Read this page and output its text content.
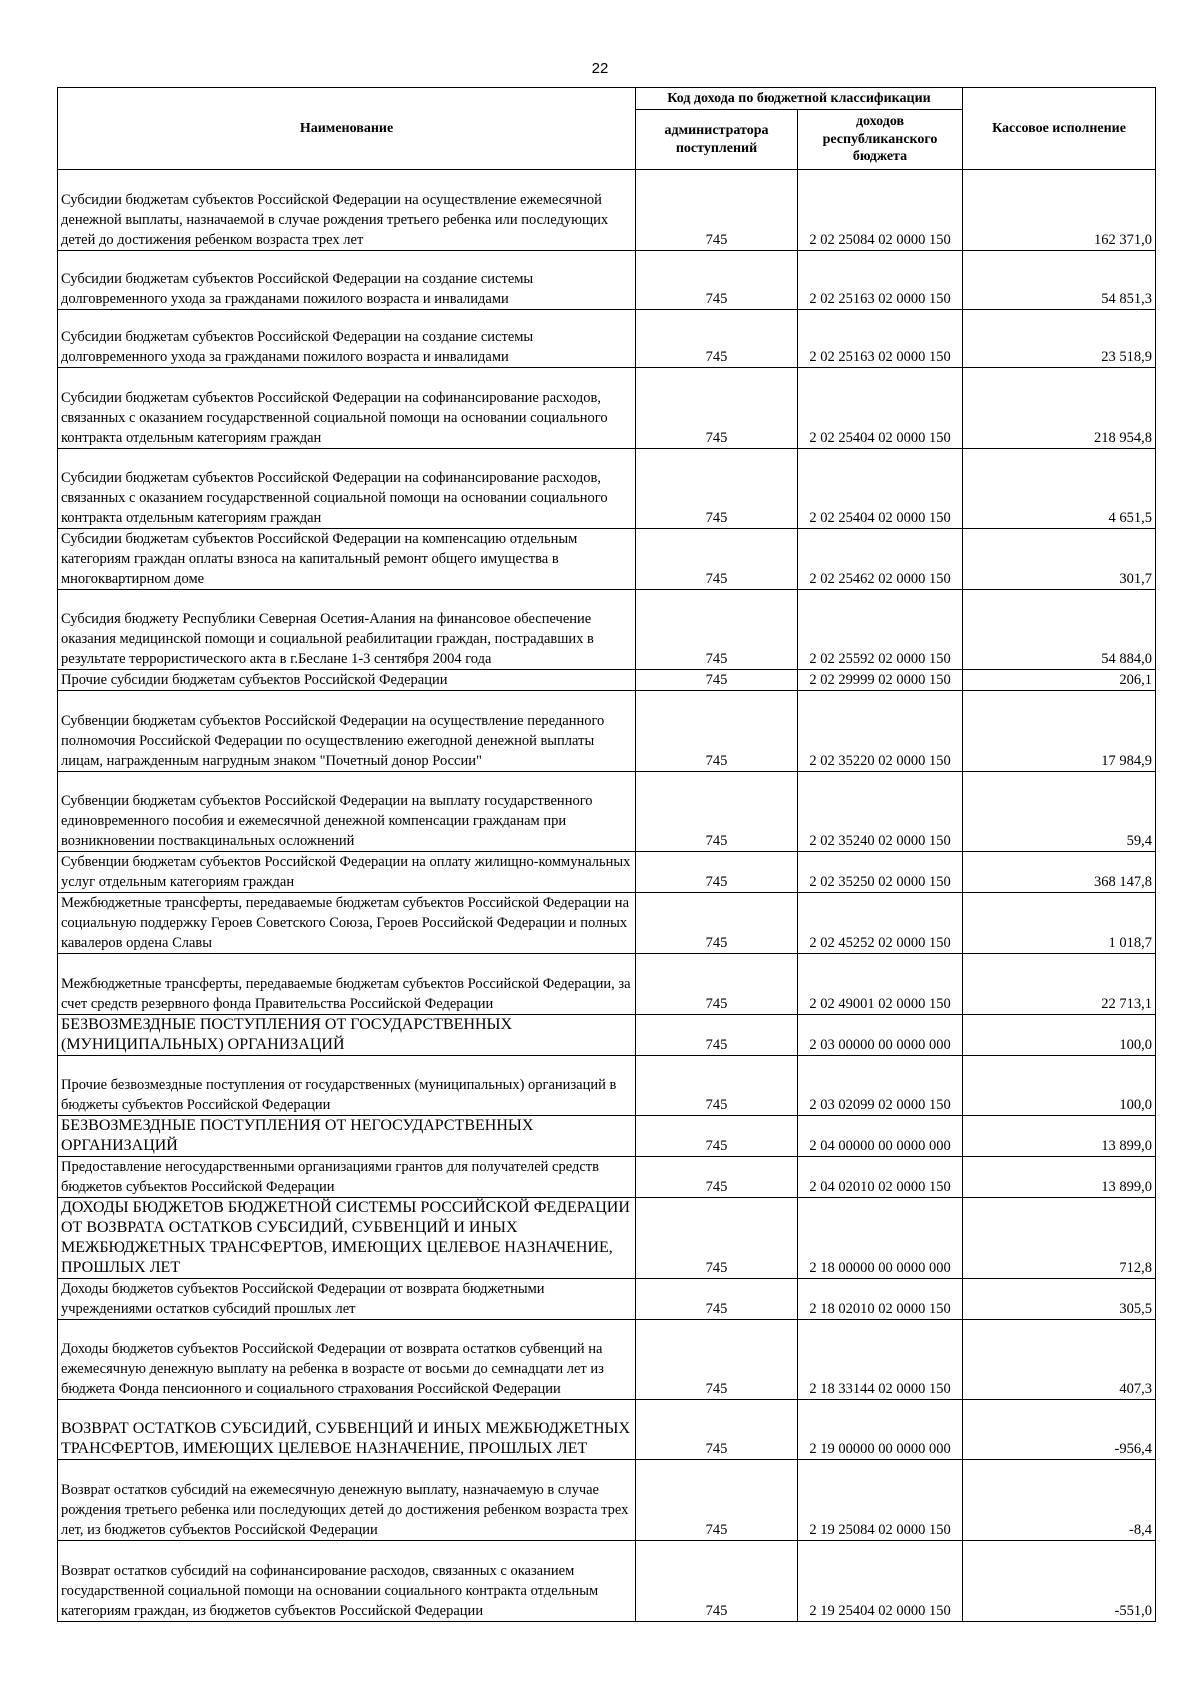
22
Наименование	Код дохода по бюджетной классификации		Кассовое исполнение
	администратора поступлений	доходов республиканского бюджета	
Субсидии бюджетам субъектов Российской Федерации на осуществление ежемесячной денежной выплаты, назначаемой в случае рождения третьего ребенка или последующих детей до достижения ребенком возраста трех лет	745	2 02 25084 02 0000 150	162 371,0
Субсидии бюджетам субъектов Российской Федерации на создание системы долговременного ухода за гражданами пожилого возраста и инвалидами	745	2 02 25163 02 0000 150	54 851,3
Субсидии бюджетам субъектов Российской Федерации на создание системы долговременного ухода за гражданами пожилого возраста и инвалидами	745	2 02 25163 02 0000 150	23 518,9
Субсидии бюджетам субъектов Российской Федерации на софинансирование расходов, связанных с оказанием государственной социальной помощи на основании социального контракта отдельным категориям граждан	745	2 02 25404 02 0000 150	218 954,8
Субсидии бюджетам субъектов Российской Федерации на софинансирование расходов, связанных с оказанием государственной социальной помощи на основании социального контракта отдельным категориям граждан	745	2 02 25404 02 0000 150	4 651,5
Субсидии бюджетам субъектов Российской Федерации на компенсацию отдельным категориям граждан оплаты взноса на капитальный ремонт общего имущества в многоквартирном доме	745	2 02 25462 02 0000 150	301,7
Субсидия бюджету Республики Северная Осетия-Алания на финансовое обеспечение оказания медицинской помощи и социальной реабилитации граждан, пострадавших в результате террористического акта в г.Беслане 1-3 сентября 2004 года	745	2 02 25592 02 0000 150	54 884,0
Прочие субсидии бюджетам субъектов Российской Федерации	745	2 02 29999 02 0000 150	206,1
Субвенции бюджетам субъектов Российской Федерации на осуществление переданного полномочия Российской Федерации по осуществлению ежегодной денежной выплаты лицам, награжденным нагрудным знаком "Почетный донор России"	745	2 02 35220 02 0000 150	17 984,9
Субвенции бюджетам субъектов Российской Федерации на выплату государственного единовременного пособия и ежемесячной денежной компенсации гражданам при возникновении поствакцинальных осложнений	745	2 02 35240 02 0000 150	59,4
Субвенции бюджетам субъектов Российской Федерации на оплату жилищно-коммунальных услуг отдельным категориям граждан	745	2 02 35250 02 0000 150	368 147,8
Межбюджетные трансферты, передаваемые бюджетам субъектов Российской Федерации на социальную поддержку Героев Советского Союза, Героев Российской Федерации и полных кавалеров ордена Славы	745	2 02 45252 02 0000 150	1 018,7
Межбюджетные трансферты, передаваемые бюджетам субъектов Российской Федерации, за счет средств резервного фонда Правительства Российской Федерации	745	2 02 49001 02 0000 150	22 713,1
БЕЗВОЗМЕЗДНЫЕ ПОСТУПЛЕНИЯ ОТ ГОСУДАРСТВЕННЫХ (МУНИЦИПАЛЬНЫХ) ОРГАНИЗАЦИЙ	745	2 03 00000 00 0000 000	100,0
Прочие безвозмездные поступления от государственных (муниципальных) организаций в бюджеты субъектов Российской Федерации	745	2 03 02099 02 0000 150	100,0
БЕЗВОЗМЕЗДНЫЕ ПОСТУПЛЕНИЯ ОТ НЕГОСУДАРСТВЕННЫХ ОРГАНИЗАЦИЙ	745	2 04 00000 00 0000 000	13 899,0
Предоставление негосударственными организациями грантов для получателей средств бюджетов субъектов Российской Федерации	745	2 04 02010 02 0000 150	13 899,0
ДОХОДЫ БЮДЖЕТОВ БЮДЖЕТНОЙ СИСТЕМЫ РОССИЙСКОЙ ФЕДЕРАЦИИ ОТ ВОЗВРАТА ОСТАТКОВ СУБСИДИЙ, СУБВЕНЦИЙ И ИНЫХ МЕЖБЮДЖЕТНЫХ ТРАНСФЕРТОВ, ИМЕЮЩИХ ЦЕЛЕВОЕ НАЗНАЧЕНИЕ, ПРОШЛЫХ ЛЕТ	745	2 18 00000 00 0000 000	712,8
Доходы бюджетов субъектов Российской Федерации от возврата бюджетными учреждениями остатков субсидий прошлых лет	745	2 18 02010 02 0000 150	305,5
Доходы бюджетов субъектов Российской Федерации от возврата остатков субвенций на ежемесячную денежную выплату на ребенка в возрасте от восьми до семнадцати лет из бюджета Фонда пенсионного и социального страхования Российской Федерации	745	2 18 33144 02 0000 150	407,3
ВОЗВРАТ ОСТАТКОВ СУБСИДИЙ, СУБВЕНЦИЙ И ИНЫХ МЕЖБЮДЖЕТНЫХ ТРАНСФЕРТОВ, ИМЕЮЩИХ ЦЕЛЕВОЕ НАЗНАЧЕНИЕ, ПРОШЛЫХ ЛЕТ	745	2 19 00000 00 0000 000	-956,4
Возврат остатков субсидий на ежемесячную денежную выплату, назначаемую в случае рождения третьего ребенка или последующих детей до достижения ребенком возраста трех лет, из бюджетов субъектов Российской Федерации	745	2 19 25084 02 0000 150	-8,4
Возврат остатков субсидий на софинансирование расходов, связанных с оказанием государственной социальной помощи на основании социального контракта отдельным категориям граждан, из бюджетов субъектов Российской Федерации	745	2 19 25404 02 0000 150	-551,0
